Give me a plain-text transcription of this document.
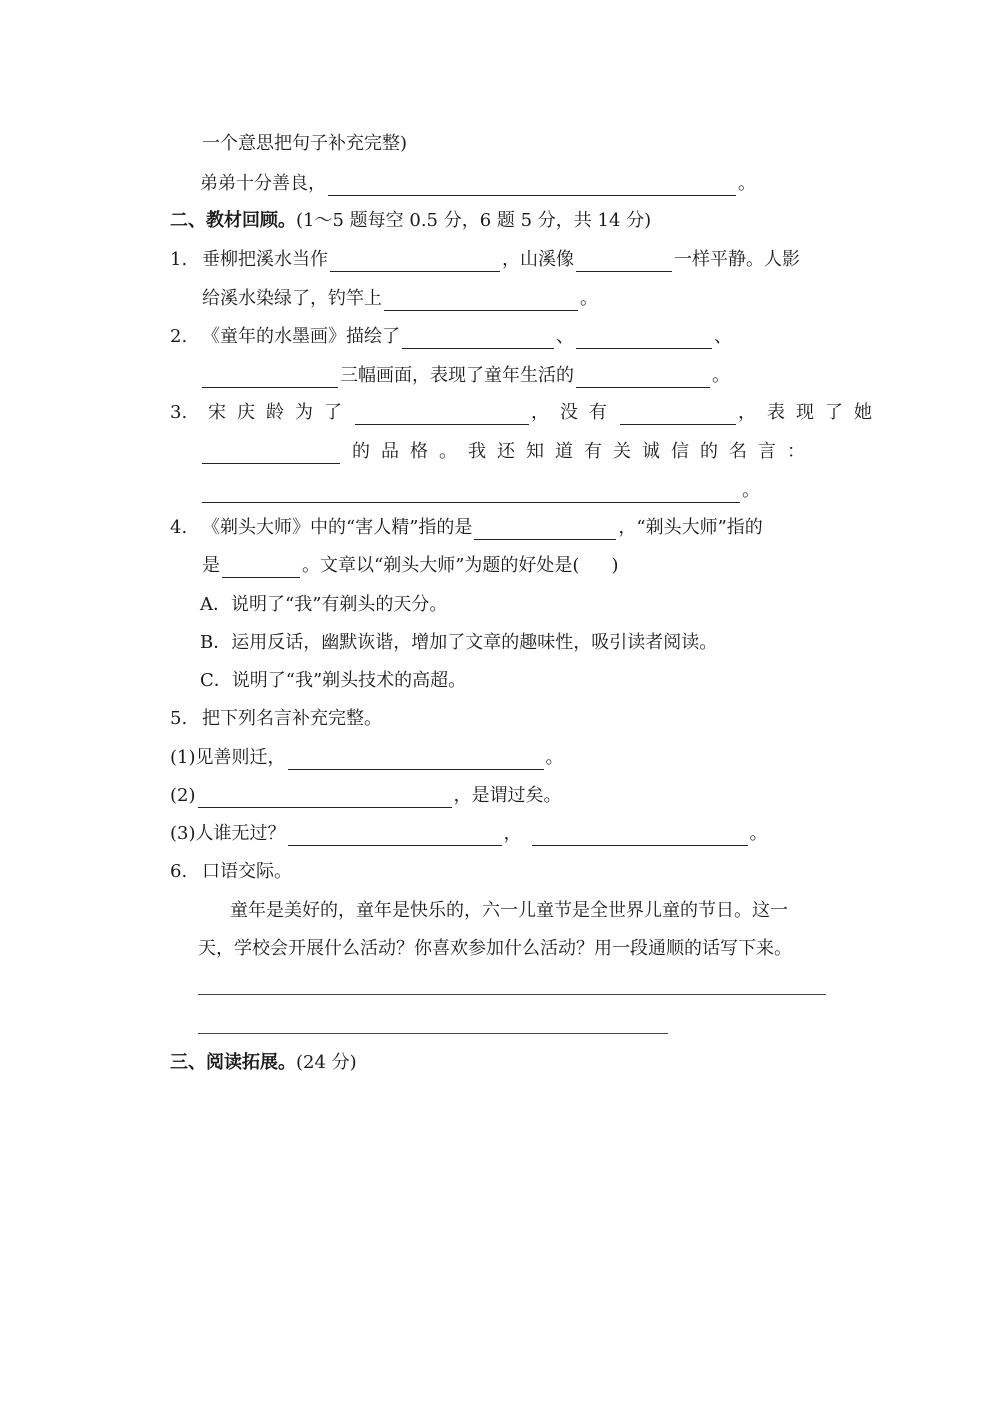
一个意思把句子补充完整)
弟弟十分善良，	。
二、教材回顾。 (1～5 题每空 0.5 分，6 题 5 分，共 14 分)
1. 垂柳把溪水当作	，山溪像	一样平静。人影
给溪水染绿了，钓竿上	。
2. 《童年的水墨画》描绘了	、	、
三幅画面，表现了童年生活的	。
3.	宋庆龄为了	，没有	，表现了她
的品格。我还知道有关诚信的名言：
。
4. 《剃头大师》中的“害人精”指的是	，“剃头大师”指的
是	。文章以“剃头大师”为题的好处是( )
A．说明了“我”有剃头的天分。
B．运用反话，幽默诙谐，增加了文章的趣味性，吸引读者阅读。
C．说明了“我”剃头技术的高超。
5. 把下列名言补充完整。
(1)见善则迁，	。
(2)	，是谓过矣。
(3)人谁无过？	，	。
6. 口语交际。
童年是美好的，童年是快乐的，六一儿童节是全世界儿童的节日。这一
天，学校会开展什么活动？你喜欢参加什么活动？用一段通顺的话写下来。
三、阅读拓展。 (24 分)
